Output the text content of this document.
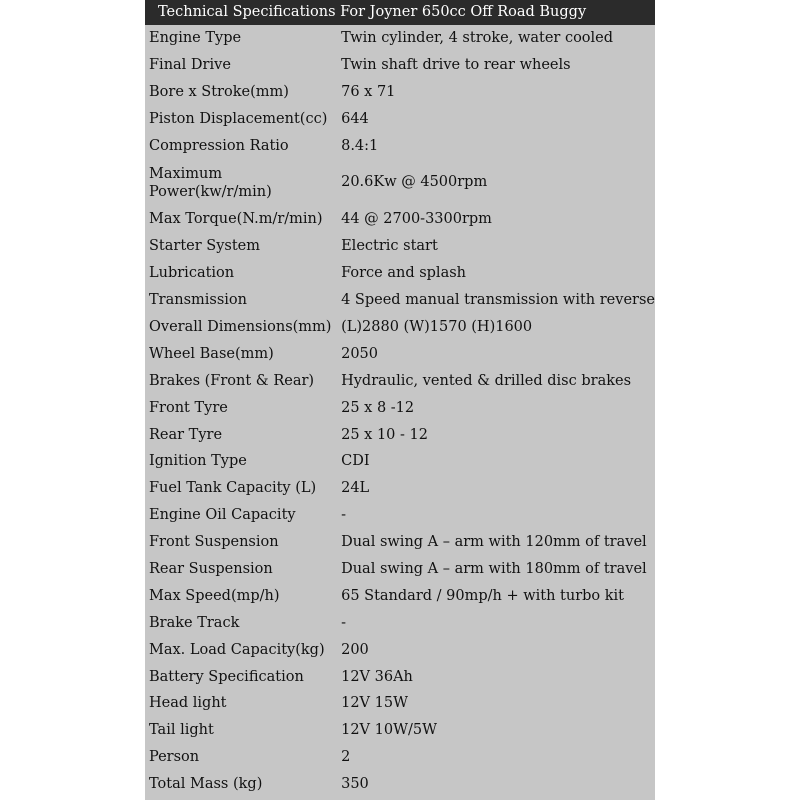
Technical Specifications For Joyner 650cc Off Road Buggy
Engine Type	Twin cylinder, 4 stroke, water cooled
Final Drive	Twin shaft drive to rear wheels
Bore x Stroke(mm)	76 x 71
Piston Displacement(cc)	644
Compression Ratio	8.4:1
Maximum Power(kw/r/min)	20.6Kw @ 4500rpm
Max Torque(N.m/r/min)	44 @ 2700-3300rpm
Starter System	Electric start
Lubrication	Force and splash
Transmission	4 Speed manual transmission with reverse
Overall Dimensions(mm)	(L)2880 (W)1570 (H)1600
Wheel Base(mm)	2050
Brakes (Front & Rear)	Hydraulic, vented & drilled disc brakes
Front Tyre	25 x 8 -12
Rear Tyre	25 x 10 - 12
Ignition Type	CDI
Fuel Tank Capacity (L)	24L
Engine Oil Capacity	-
Front Suspension	Dual swing A – arm with 120mm of travel
Rear Suspension	Dual swing A – arm with 180mm of travel
Max Speed(mp/h)	65 Standard / 90mp/h + with turbo kit
Brake Track	-
Max. Load Capacity(kg)	200
Battery Specification	12V 36Ah
Head light	12V 15W
Tail light	12V 10W/5W
Person	2
Total Mass (kg)	350
